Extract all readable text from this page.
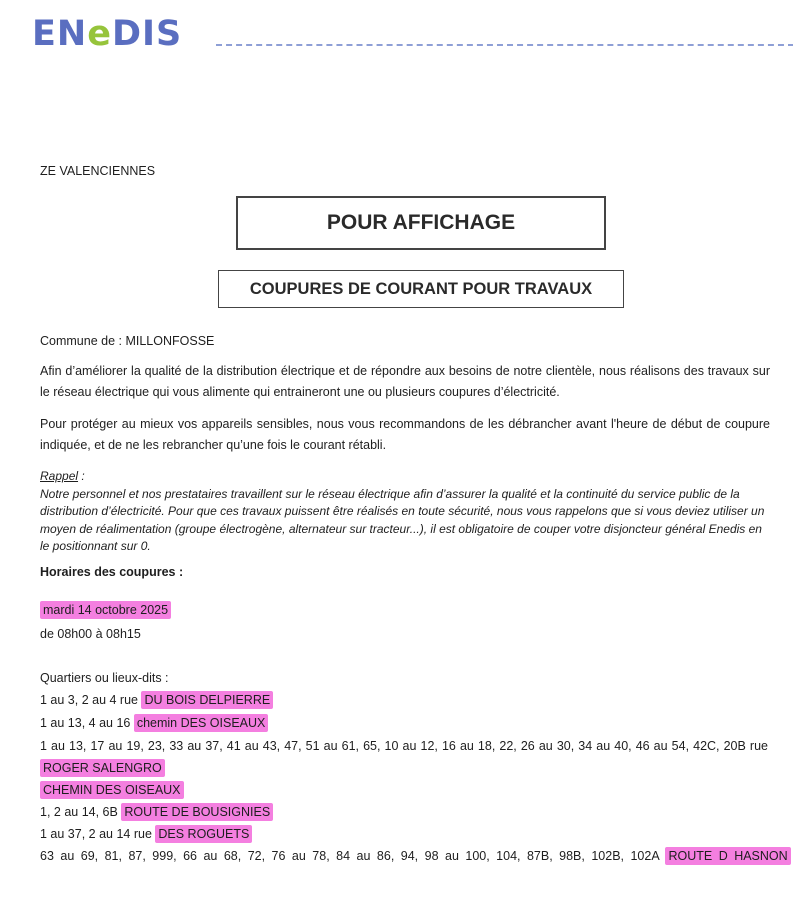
ENeDIS
ZE VALENCIENNES
POUR AFFICHAGE
COUPURES DE COURANT POUR TRAVAUX
Commune de : MILLONFOSSE
Afin d’améliorer la qualité de la distribution électrique et de répondre aux besoins de notre clientèle, nous réalisons des travaux sur le réseau électrique qui vous alimente qui entraineront une ou plusieurs coupures d’électricité.
Pour protéger au mieux vos appareils sensibles, nous vous recommandons de les débrancher avant l'heure de début de coupure indiquée, et de ne les rebrancher qu’une fois le courant rétabli.
Rappel :
Notre personnel et nos prestataires travaillent sur le réseau électrique afin d’assurer la qualité et la continuité du service public de la distribution d’électricité. Pour que ces travaux puissent être réalisés en toute sécurité, nous vous rappelons que si vous deviez utiliser un moyen de réalimentation (groupe électrogène, alternateur sur tracteur...), il est obligatoire de couper votre disjoncteur général Enedis en le positionnant sur 0.
Horaires des coupures :
mardi 14 octobre 2025
de 08h00 à 08h15
Quartiers ou lieux-dits :
1 au 3, 2 au 4 rue DU BOIS DELPIERRE
1 au 13, 4 au 16 chemin DES OISEAUX
1 au 13, 17 au 19, 23, 33 au 37, 41 au 43, 47, 51 au 61, 65, 10 au 12, 16 au 18, 22, 26 au 30, 34 au 40, 46 au 54, 42C, 20B rue
ROGER SALENGRO
CHEMIN DES OISEAUX
1, 2 au 14, 6B ROUTE DE BOUSIGNIES
1 au 37, 2 au 14 rue DES ROGUETS
63 au 69, 81, 87, 999, 66 au 68, 72, 76 au 78, 84 au 86, 94, 98 au 100, 104, 87B, 98B, 102B, 102A ROUTE D HASNON
